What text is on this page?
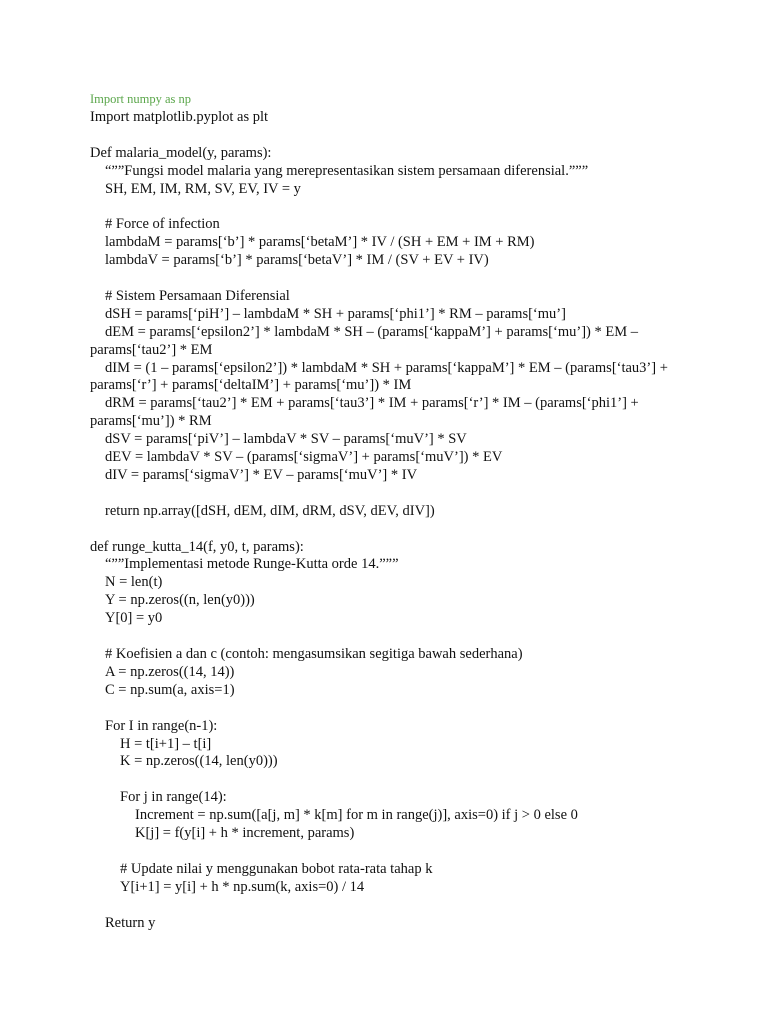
Import numpy as np
Import matplotlib.pyplot as plt
Def malaria_model(y, params):
“””Fungsi model malaria yang merepresentasikan sistem persamaan diferensial.”””
SH, EM, IM, RM, SV, EV, IV = y
# Force of infection
lambdaM = params[‘b’] * params[‘betaM’] * IV / (SH + EM + IM + RM)
lambdaV = params[‘b’] * params[‘betaV’] * IM / (SV + EV + IV)
# Sistem Persamaan Diferensial
dSH = params[‘piH’] – lambdaM * SH + params[‘phi1’] * RM – params[‘mu’]
dEM = params[‘epsilon2’] * lambdaM * SH – (params[‘kappaM’] + params[‘mu’]) * EM – params[‘tau2’] * EM
dIM = (1 – params[‘epsilon2’]) * lambdaM * SH + params[‘kappaM’] * EM – (params[‘tau3’] + params[‘r’] + params[‘deltaIM’] + params[‘mu’]) * IM
dRM = params[‘tau2’] * EM + params[‘tau3’] * IM + params[‘r’] * IM – (params[‘phi1’] + params[‘mu’]) * RM
dSV = params[‘piV’] – lambdaV * SV – params[‘muV’] * SV
dEV = lambdaV * SV – (params[‘sigmaV’] + params[‘muV’]) * EV
dIV = params[‘sigmaV’] * EV – params[‘muV’] * IV
return np.array([dSH, dEM, dIM, dRM, dSV, dEV, dIV])
def runge_kutta_14(f, y0, t, params):
“””Implementasi metode Runge-Kutta orde 14.”””
N = len(t)
Y = np.zeros((n, len(y0)))
Y[0] = y0
# Koefisien a dan c (contoh: mengasumsikan segitiga bawah sederhana)
A = np.zeros((14, 14))
C = np.sum(a, axis=1)
For I in range(n-1):
H = t[i+1] – t[i]
K = np.zeros((14, len(y0)))
For j in range(14):
Increment = np.sum([a[j, m] * k[m] for m in range(j)], axis=0) if j > 0 else 0
K[j] = f(y[i] + h * increment, params)
# Update nilai y menggunakan bobot rata-rata tahap k
Y[i+1] = y[i] + h * np.sum(k, axis=0) / 14
Return y
